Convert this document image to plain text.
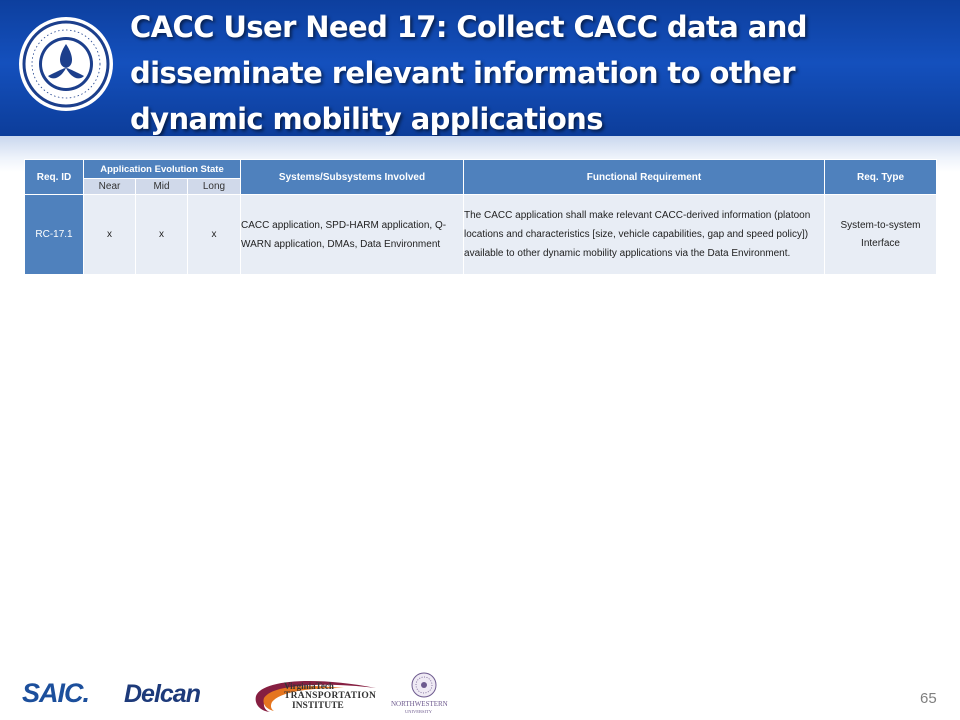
CACC User Need 17: Collect CACC data and disseminate relevant information to other dynamic mobility applications
Req. ID	Application Evolution State			Systems/Subsystems Involved	Functional Requirement	Req. Type
	Near	Mid	Long			
RC-17.1	x	x	x	CACC application, SPD-HARM application, Q-WARN application, DMAs, Data Environment	The CACC application shall make relevant CACC-derived information (platoon locations and characteristics [size, vehicle capabilities, gap and speed policy]) available to other dynamic mobility applications via the Data Environment.	System-to-system Interface
SAIC. Delcan	VirginiaTech
TRANSPORTATION
INSTITUTE	NORTHWESTERN
UNIVERSITY
65
